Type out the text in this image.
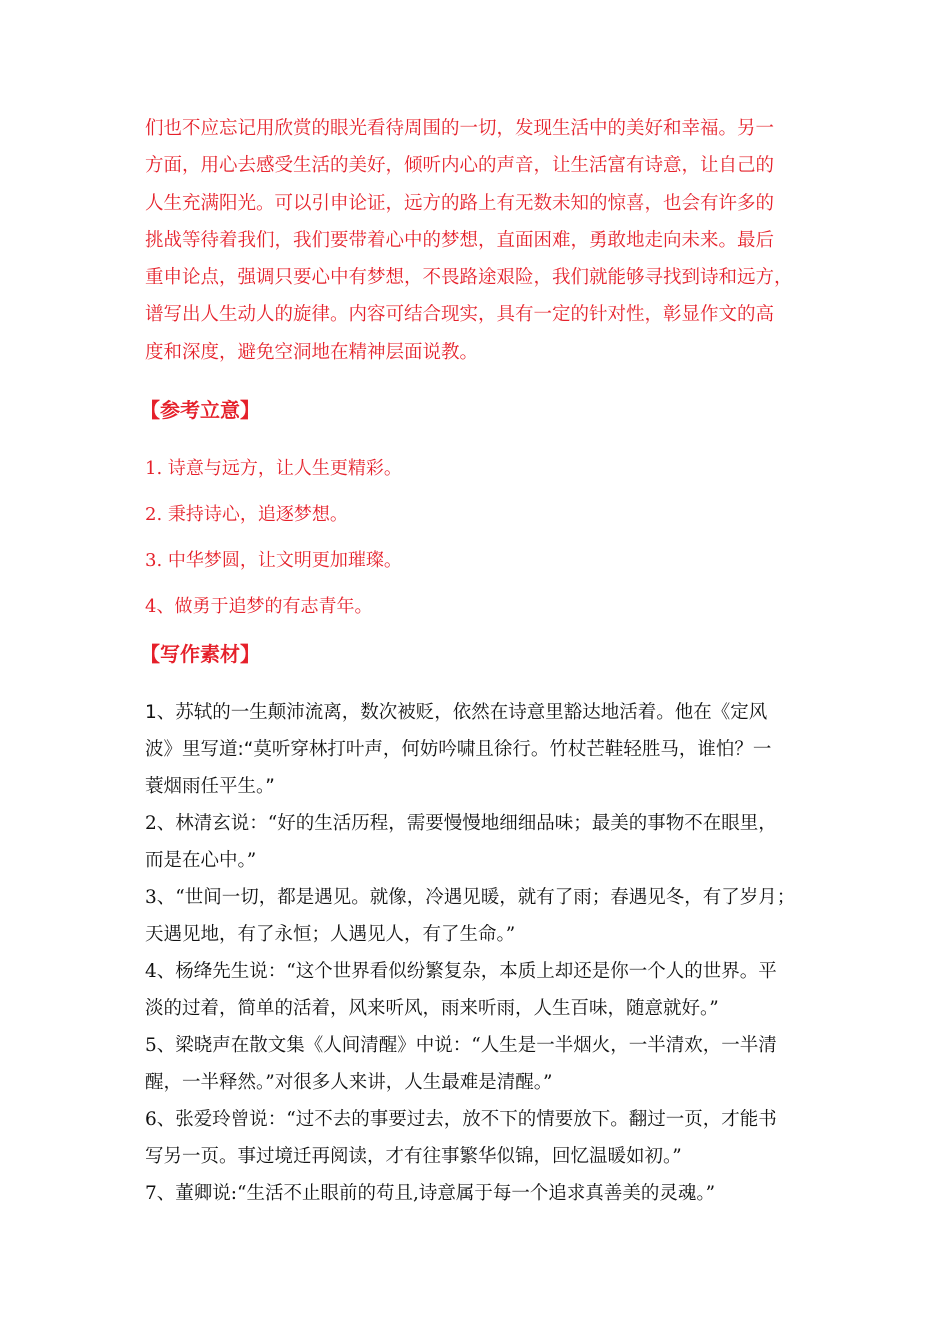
们也不应忘记用欣赏的眼光看待周围的一切，发现生活中的美好和幸福。另一
方面，用心去感受生活的美好，倾听内心的声音，让生活富有诗意，让自己的
人生充满阳光。可以引申论证，远方的路上有无数未知的惊喜，也会有许多的
挑战等待着我们，我们要带着心中的梦想，直面困难，勇敢地走向未来。最后
重申论点，强调只要心中有梦想，不畏路途艰险，我们就能够寻找到诗和远方，
谱写出人生动人的旋律。内容可结合现实，具有一定的针对性，彰显作文的高
度和深度，避免空洞地在精神层面说教。
【参考立意】
1. 诗意与远方，让人生更精彩。
2. 秉持诗心，追逐梦想。
3. 中华梦圆，让文明更加璀璨。
4、做勇于追梦的有志青年。
【写作素材】
1、苏轼的一生颠沛流离，数次被贬，依然在诗意里豁达地活着。他在《定风
波》里写道:“莫听穿林打叶声，何妨吟啸且徐行。竹杖芒鞋轻胜马，谁怕？一
蓑烟雨任平生。”
2、林清玄说：“好的生活历程，需要慢慢地细细品味；最美的事物不在眼里，
而是在心中。”
3、“世间一切，都是遇见。就像，冷遇见暖，就有了雨；春遇见冬，有了岁月；
天遇见地，有了永恒；人遇见人，有了生命。”
4、杨绛先生说：“这个世界看似纷繁复杂，本质上却还是你一个人的世界。平
淡的过着，简单的活着，风来听风，雨来听雨，人生百味，随意就好。”
5、梁晓声在散文集《人间清醒》中说：“人生是一半烟火，一半清欢，一半清
醒，一半释然。”对很多人来讲，人生最难是清醒。”
6、张爱玲曾说：“过不去的事要过去，放不下的情要放下。翻过一页，才能书
写另一页。事过境迁再阅读，才有往事繁华似锦，回忆温暖如初。”
7、董卿说:“生活不止眼前的苟且,诗意属于每一个追求真善美的灵魂。”
